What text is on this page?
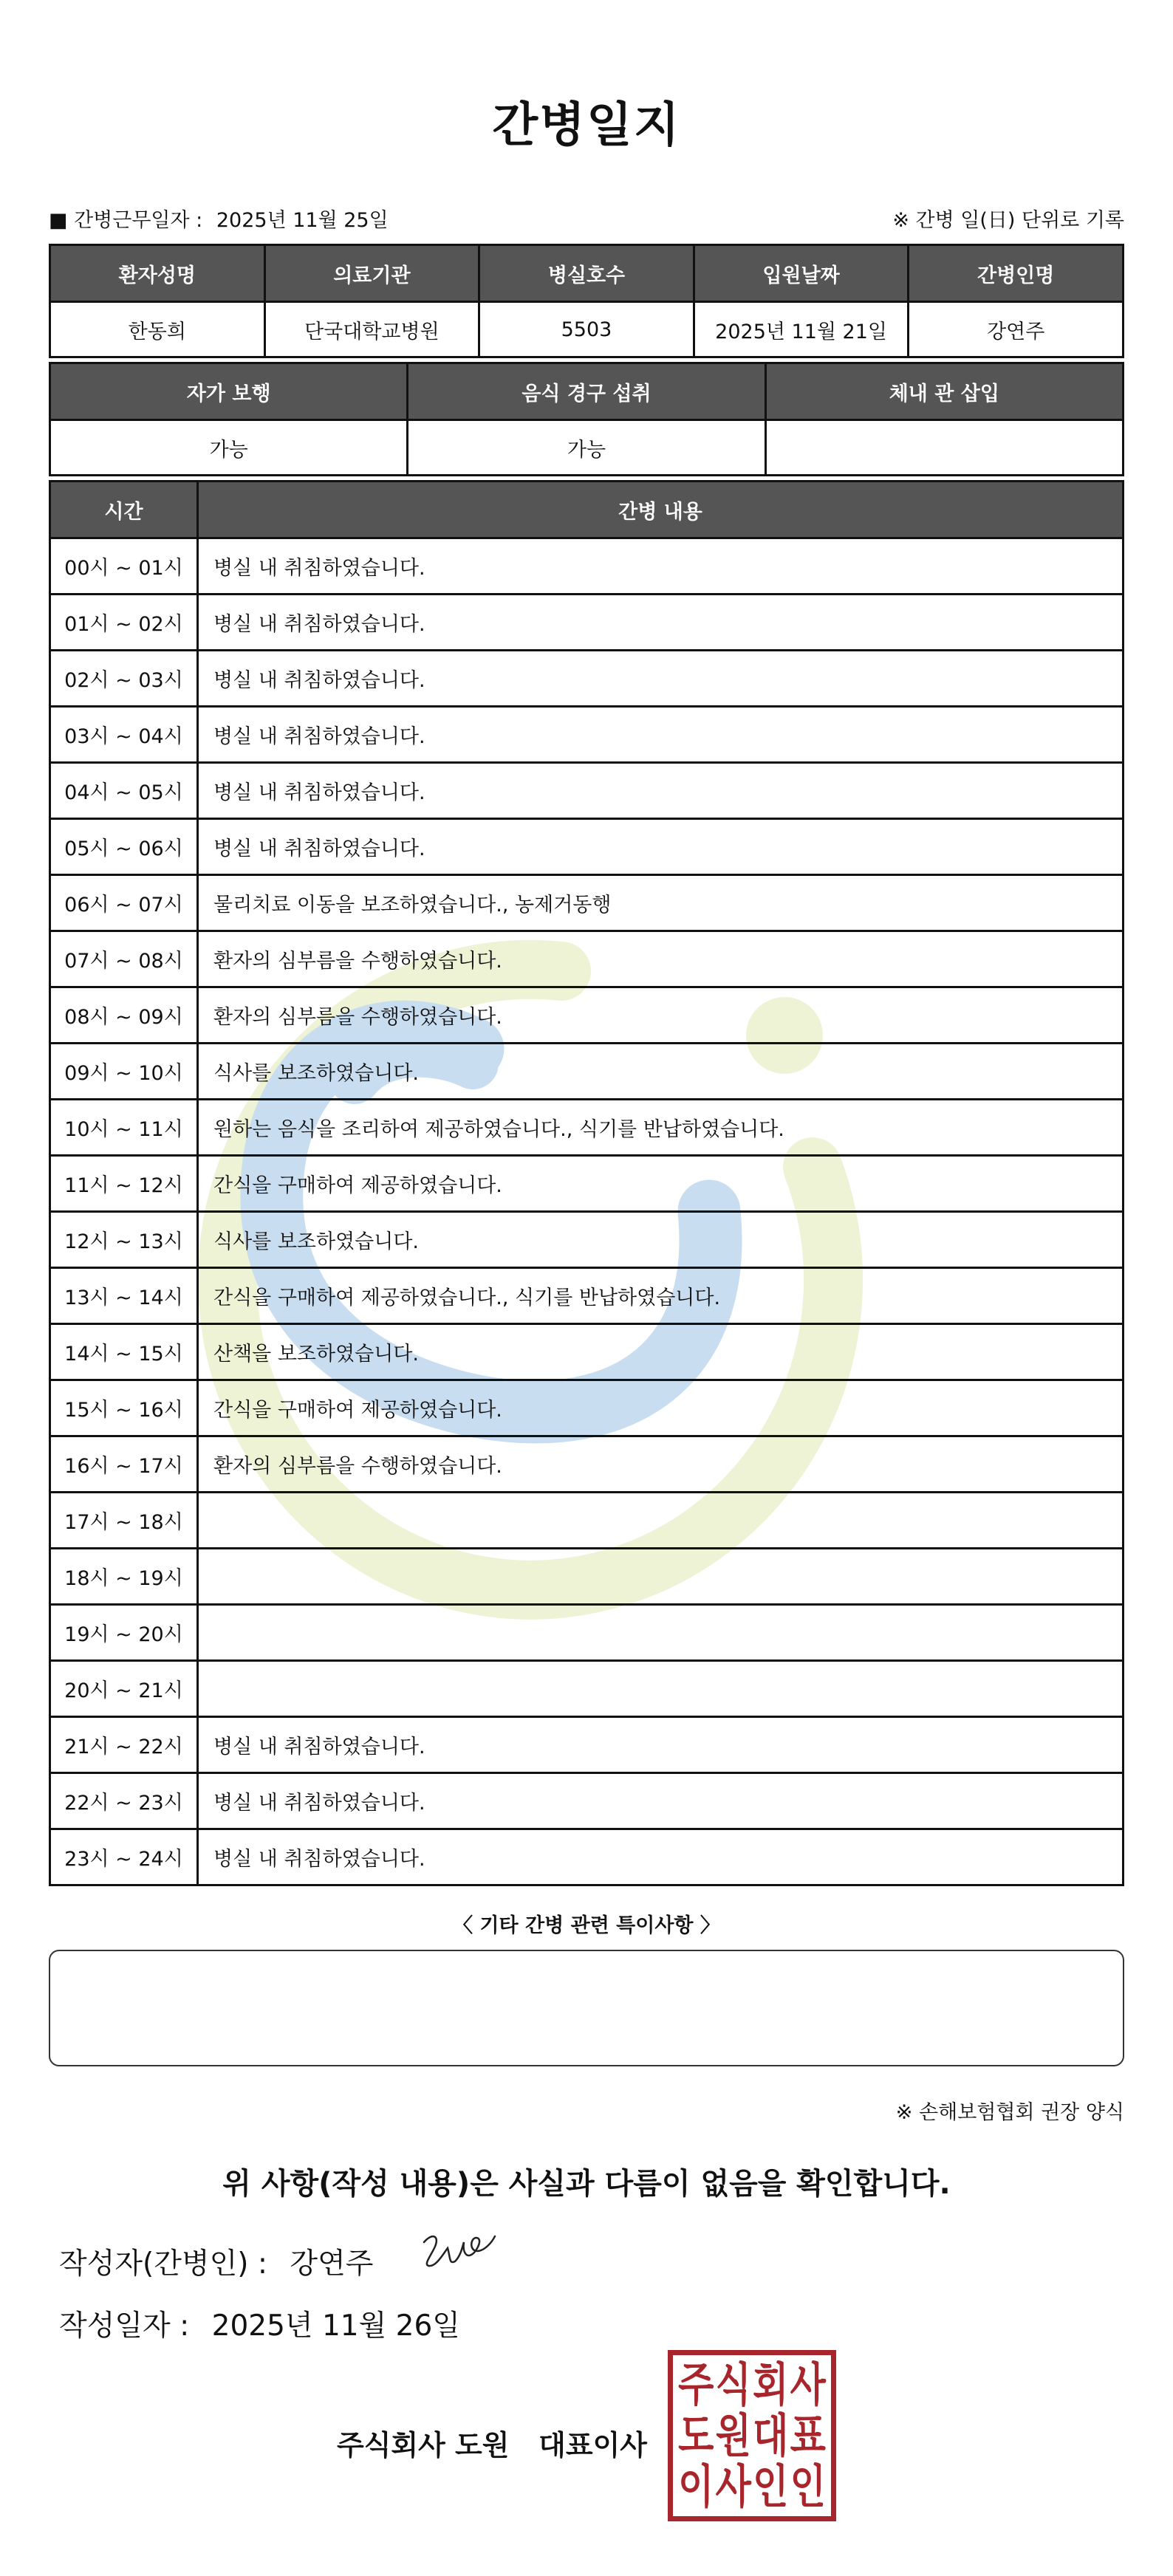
간병일지
■ 간병근무일자 : 2025년 11월 25일	※ 간병 일(日) 단위로 기록
환자성명	의료기관	병실호수	입원날짜	간병인명
한동희	단국대학교병원	5503	2025년 11월 21일	강연주
자가 보행	음식 경구 섭취	체내 관 삽입
가능	가능	
시간	간병 내용
00시 ~ 01시	병실 내 취침하였습니다.
01시 ~ 02시	병실 내 취침하였습니다.
02시 ~ 03시	병실 내 취침하였습니다.
03시 ~ 04시	병실 내 취침하였습니다.
04시 ~ 05시	병실 내 취침하였습니다.
05시 ~ 06시	병실 내 취침하였습니다.
06시 ~ 07시	물리치료 이동을 보조하였습니다., 농제거동행
07시 ~ 08시	환자의 심부름을 수행하였습니다.
08시 ~ 09시	환자의 심부름을 수행하였습니다.
09시 ~ 10시	식사를 보조하였습니다.
10시 ~ 11시	원하는 음식을 조리하여 제공하였습니다., 식기를 반납하였습니다.
11시 ~ 12시	간식을 구매하여 제공하였습니다.
12시 ~ 13시	식사를 보조하였습니다.
13시 ~ 14시	간식을 구매하여 제공하였습니다., 식기를 반납하였습니다.
14시 ~ 15시	산책을 보조하였습니다.
15시 ~ 16시	간식을 구매하여 제공하였습니다.
16시 ~ 17시	환자의 심부름을 수행하였습니다.
17시 ~ 18시	
18시 ~ 19시	
19시 ~ 20시	
20시 ~ 21시	
21시 ~ 22시	병실 내 취침하였습니다.
22시 ~ 23시	병실 내 취침하였습니다.
23시 ~ 24시	병실 내 취침하였습니다.
〈 기타 간병 관련 특이사항 〉
※ 손해보험협회 권장 양식
위 사항(작성 내용)은 사실과 다름이 없음을 확인합니다.
작성자(간병인) : 강연주
작성일자 : 2025년 11월 26일
주식회사 도원   대표이사
주 식 회 사
도 원 대 표
이 사 인 인
